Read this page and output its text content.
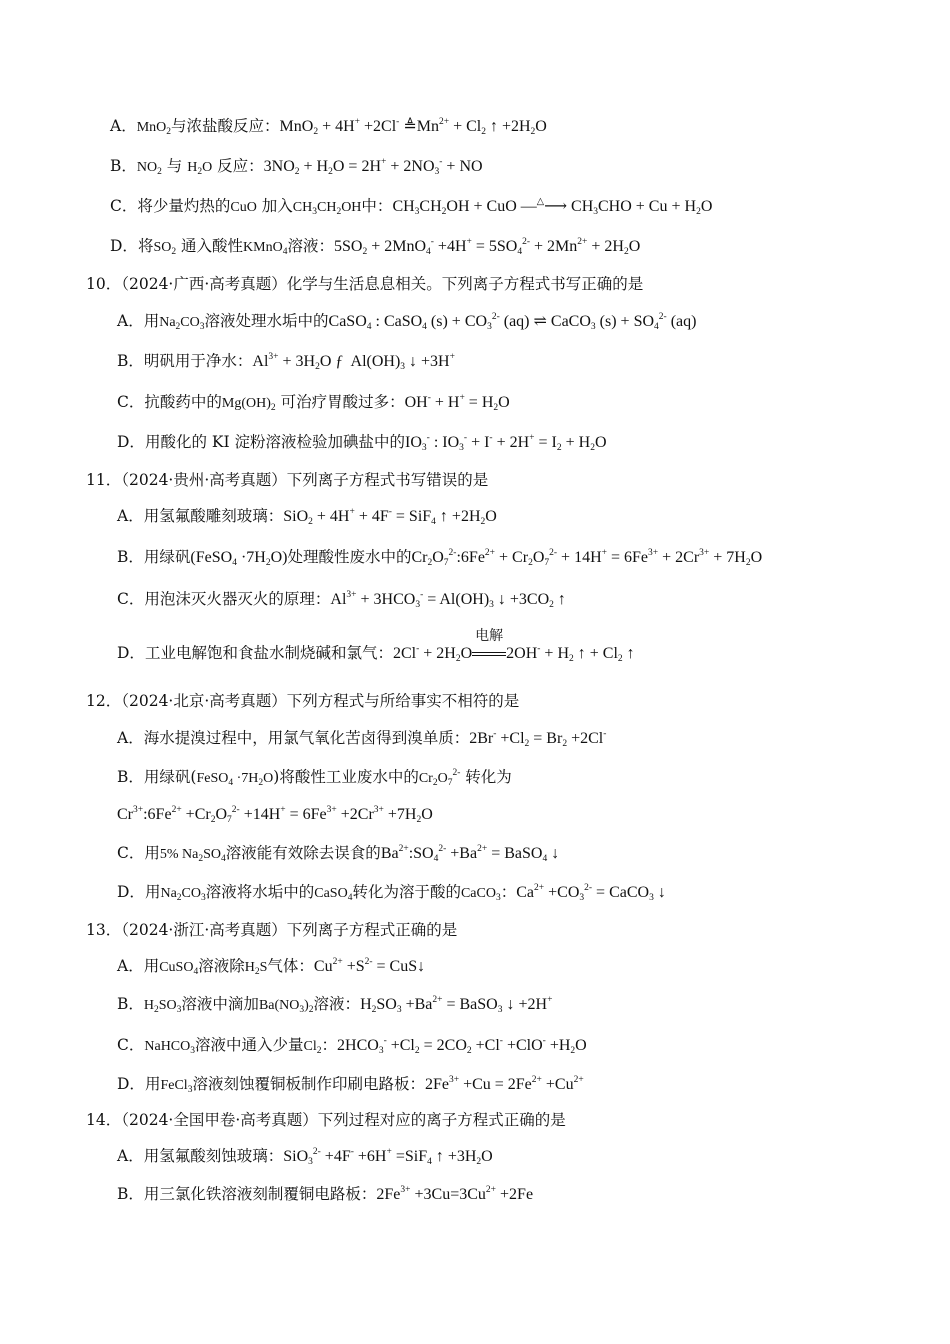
A．MnO$_2$与浓盐酸反应：MnO$_2$ + 4H+ +2Cl- $≜Mn^{2+} + Cl_2$ ↑ $+2H_2O$
B．$NO_2$ 与 $H_2O$ 反应：$3NO_2 + H_2O = 2H^+ + 2NO_3^-$ + NO
C．将少量灼热的CuO 加入$CH_3CH_2OH$中：$CH_3CH_2OH$ + CuO —△⟶ $CH_3CHO + Cu + H_2O$
D．将$SO_2$ 通入酸性KMnO$_4$溶液：$5SO_2 + 2MnO_4^- +4H^+ = 5SO_4^{2-} + 2Mn^{2+} + 2H_2O$
10．（2024·广西·高考真题）化学与生活息息相关。下列离子方程式书写正确的是
A．用$Na_2CO_3$溶液处理水垢中的CaSO$_4$ : CaSO$_4$ $(s) + CO_3^{2-}$ (aq) ⇌ CaCO$_3$ $(s) + SO_4^{2-}$ (aq)
B．明矾用于净水：$Al^{3+} + 3H_2O$ ƒ  $Al(OH)_3$ ↓ +3H+
C．抗酸药中的$Mg(OH)_2$ 可治疗胃酸过多：$OH^- + H^+ = H_2O$
D．用酸化的 KI 淀粉溶液检验加碘盐中的$IO_3^-$ : $IO_3^- + I^- + 2H^+ = I_2 + H_2O$
11．（2024·贵州·高考真题）下列离子方程式书写错误的是
A．用氢氟酸雕刻玻璃：SiO$_2$ + 4H+ + 4F- = SiF$_4$ ↑ $+2H_2O$
B．用绿矾(FeSO$_4$ $\cdot 7H_2O$)处理酸性废水中的$Cr_2O_7^{2-}:6Fe^{2+} + Cr_2O_7^{2-} + 14H^+ = 6Fe^{3+} + 2Cr^{3+} + 7H_2O$
C．用泡沫灭火器灭火的原理：$Al^{3+} + 3HCO_3^- = Al(OH)_3$ ↓ $+3CO_2$ ↑
D．工业电解饱和食盐水制烧碱和氯气：$2Cl^- + 2H_2O$
电解
$2OH^- + H_2$ ↑ + $Cl_2$ ↑
12．（2024·北京·高考真题）下列方程式与所给事实不相符的是
A．海水提溴过程中，用氯气氧化苦卤得到溴单质：$2Br^- +Cl_2 = Br_2 +2Cl^-$
B．用绿矾(FeSO$_4$ $\cdot 7H_2O$)将酸性工业废水中的$Cr_2O_7^{2-}$ 转化为
$Cr^{3+}:6Fe^{2+} +Cr_2O_7^{2-} +14H^+ = 6Fe^{3+} +2Cr^{3+} +7H_2O$
C．用5% $Na_2SO_4$溶液能有效除去误食的$Ba^{2+}:SO_4^{2-} +Ba^{2+}$ = BaSO$_4$ ↓
D．用$Na_2CO_3$溶液将水垢中的CaSO$_4$转化为溶于酸的CaCO$_3$：$Ca^{2+} +CO_3^{2-}$ = CaCO$_3$ ↓
13．（2024·浙江·高考真题）下列离子方程式正确的是
A．用CuSO$_4$溶液除$H_2S$气体：$Cu^{2+} +S^{2-}$ = CuS↓
B．$H_2SO_3$溶液中滴加$Ba(NO_3)_2$溶液：$H_2SO_3 +Ba^{2+}$ = BaSO$_3$ ↓ +2H+
C．NaHCO$_3$溶液中通入少量$Cl_2$：$2HCO_3^- +Cl_2 = 2CO_2 +Cl^- +ClO^- +H_2O$
D．用FeCl$_3$溶液刻蚀覆铜板制作印刷电路板：$2Fe^{3+} +Cu = 2Fe^{2+} +Cu^{2+}$
14．（2024·全国甲卷·高考真题）下列过程对应的离子方程式正确的是
A．用氢氟酸刻蚀玻璃：SiO$_3^{2-}$ +4F- +6H+ =SiF$_4$ ↑ $+3H_2O$
B．用三氯化铁溶液刻制覆铜电路板：$2Fe^{3+} +3Cu=3Cu^{2+} +2Fe$
